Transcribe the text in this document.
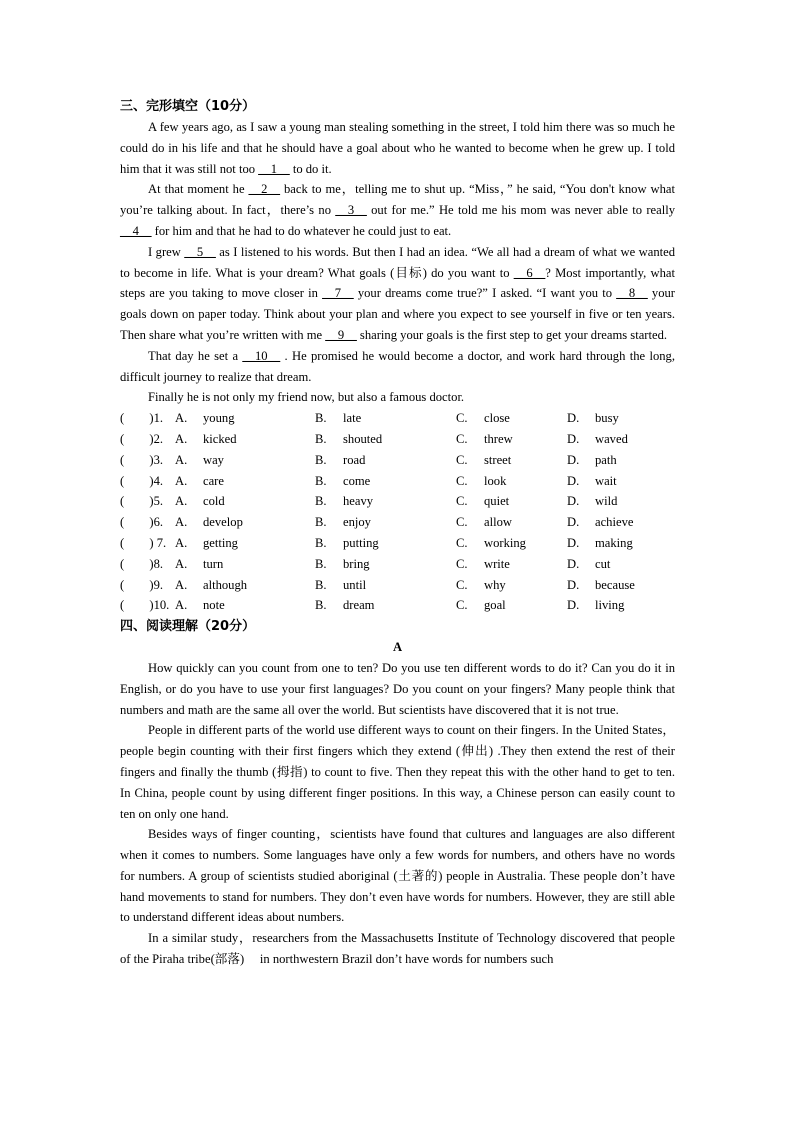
三、完形填空（10分）

A few years ago, as I saw a young man stealing something in the street, I told him there was so much he could do in his life and that he should have a goal about who he wanted to become when he grew up. I told him that it was still not too __1__ to do it.

At that moment he __2__ back to me，telling me to shut up. “Miss，” he said, “You don't know what you’re talking about. In fact，there’s no __3__ out for me.” He told me his mom was never able to really __4__ for him and that he had to do whatever he could just to eat.

I grew __5__ as I listened to his words. But then I had an idea. “We all had a dream of what we wanted to become in life. What is your dream? What goals (目标) do you want to __6__? Most importantly, what steps are you taking to move closer in __7__ your dreams come true?” I asked. “I want you to __8__ your goals down on paper today. Think about your plan and where you expect to see yourself in five or ten years. Then share what you’re written with me __9__ sharing your goals is the first step to get your dreams started.

That day he set a __10__ . He promised he would become a doctor, and work hard through the long, difficult journey to realize that dream.

Finally he is not only my friend now, but also a famous doctor.

(　　)1.	A.	young	B.	late	C.	close	D.	busy
(　　)2.	A.	kicked	B.	shouted	C.	threw	D.	waved
(　　)3.	A.	way	B.	road	C.	street	D.	path
(　　)4.	A.	care	B.	come	C.	look	D.	wait
(　　)5.	A.	cold	B.	heavy	C.	quiet	D.	wild
(　　)6.	A.	develop	B.	enjoy	C.	allow	D.	achieve
(　　) 7.	A.	getting	B.	putting	C.	working	D.	making
(　　)8.	A.	turn	B.	bring	C.	write	D.	cut
(　　)9.	A.	although	B.	until	C.	why	D.	because
(　　)10.	A.	note	B.	dream	C.	goal	D.	living
四、阅读理解（20分）

A

How quickly can you count from one to ten? Do you use ten different words to do it? Can you do it in English, or do you have to use your first languages? Do you count on your fingers? Many people think that numbers and math are the same all over the world. But scientists have discovered that it is not true.

People in different parts of the world use different ways to count on their fingers. In the United States，people begin counting with their first fingers which they extend (伸出) .They then extend the rest of their fingers and finally the thumb (拇指) to count to five. Then they repeat this with the other hand to get to ten. In China, people count by using different finger positions. In this way, a Chinese person can easily count to ten on only one hand.

Besides ways of finger counting，scientists have found that cultures and languages are also different when it comes to numbers. Some languages have only a few words for numbers, and others have no words for numbers. A group of scientists studied aboriginal (土著的) people in Australia. These people don’t have hand movements to stand for numbers. They don’t even have words for numbers. However, they are still able to understand different ideas about numbers.

In a similar study，researchers from the Massachusetts Institute of Technology discovered that people of the Piraha tribe(部落)　 in northwestern Brazil don’t have words for numbers such
